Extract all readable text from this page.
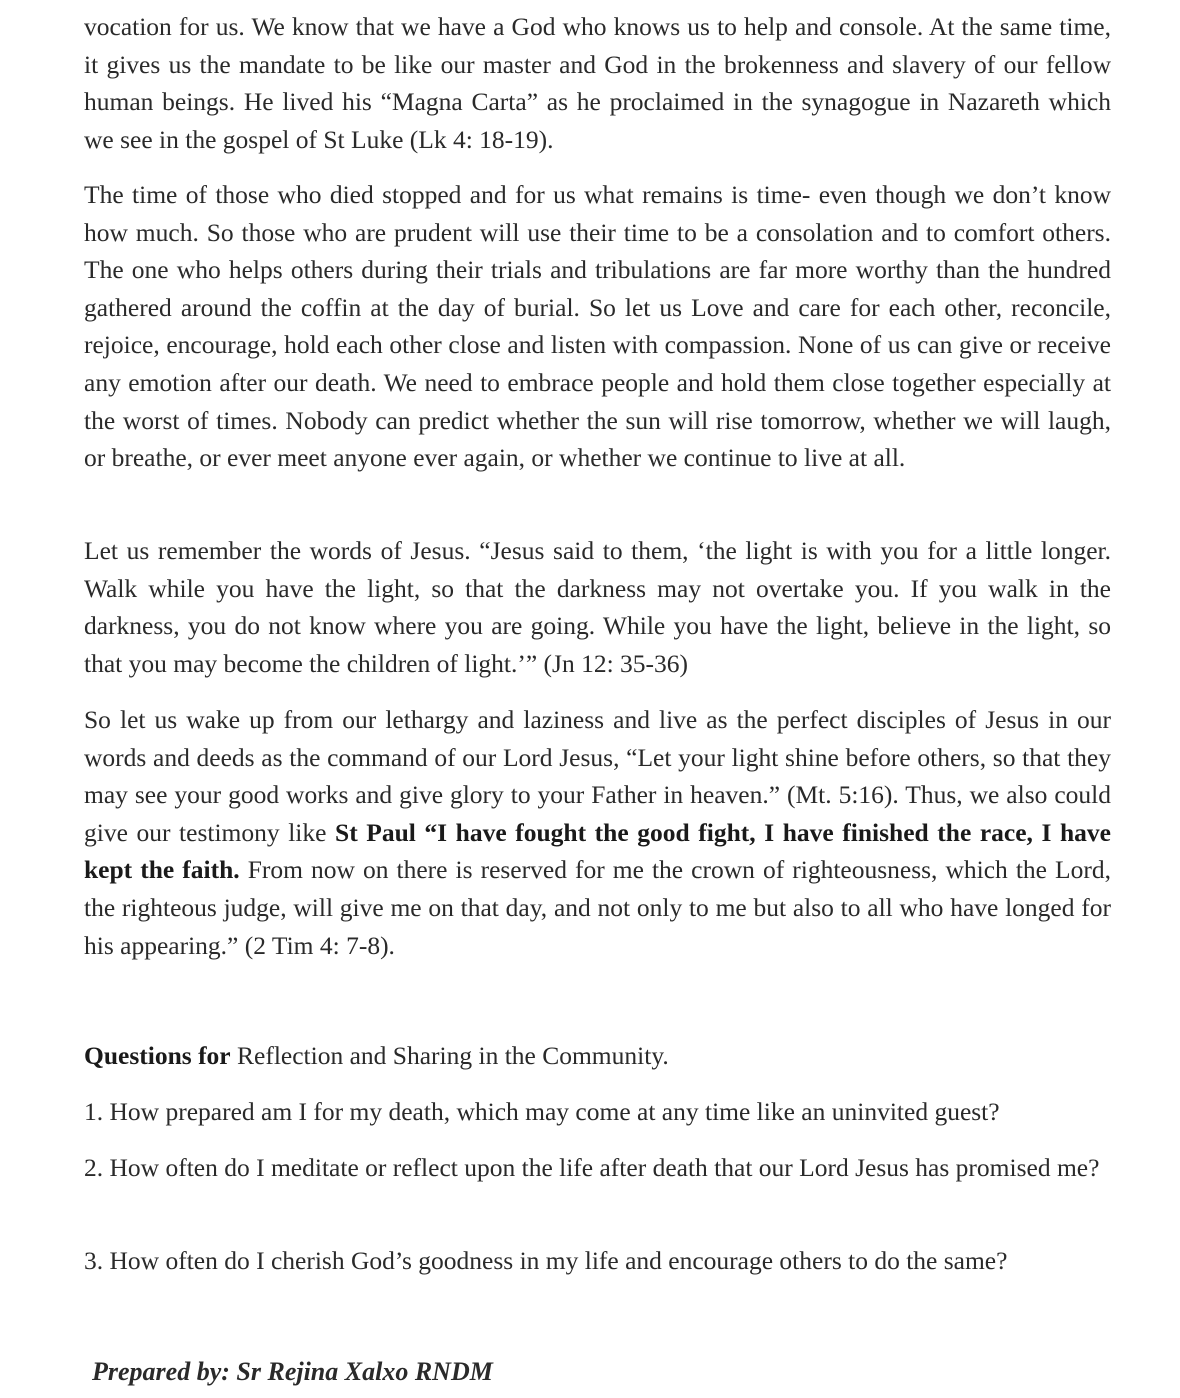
vocation for us. We know that we have a God who knows us to help and console. At the same time, it gives us the mandate to be like our master and God in the brokenness and slavery of our fellow human beings. He lived his “Magna Carta” as he proclaimed in the synagogue in Nazareth which we see in the gospel of St Luke (Lk 4: 18-19).

The time of those who died stopped and for us what remains is time- even though we don’t know how much. So those who are prudent will use their time to be a consolation and to comfort others. The one who helps others during their trials and tribulations are far more worthy than the hundred gathered around the coffin at the day of burial. So let us Love and care for each other, reconcile, rejoice, encourage, hold each other close and listen with compassion. None of us can give or receive any emotion after our death. We need to embrace people and hold them close together especially at the worst of times. Nobody can predict whether the sun will rise tomorrow, whether we will laugh, or breathe, or ever meet anyone ever again, or whether we continue to live at all.

Let us remember the words of Jesus. “Jesus said to them, ‘the light is with you for a little longer. Walk while you have the light, so that the darkness may not overtake you. If you walk in the darkness, you do not know where you are going. While you have the light, believe in the light, so that you may become the children of light.’” (Jn 12: 35-36)

So let us wake up from our lethargy and laziness and live as the perfect disciples of Jesus in our words and deeds as the command of our Lord Jesus, “Let your light shine before others, so that they may see your good works and give glory to your Father in heaven.” (Mt. 5:16). Thus, we also could give our testimony like St Paul “I have fought the good fight, I have finished the race, I have kept the faith. From now on there is reserved for me the crown of righteousness, which the Lord, the righteous judge, will give me on that day, and not only to me but also to all who have longed for his appearing.” (2 Tim 4: 7-8).

Questions for Reflection and Sharing in the Community.

1. How prepared am I for my death, which may come at any time like an uninvited guest?

2. How often do I meditate or reflect upon the life after death that our Lord Jesus has promised me?

3. How often do I cherish God’s goodness in my life and encourage others to do the same?

Prepared by: Sr Rejina Xalxo RNDM
